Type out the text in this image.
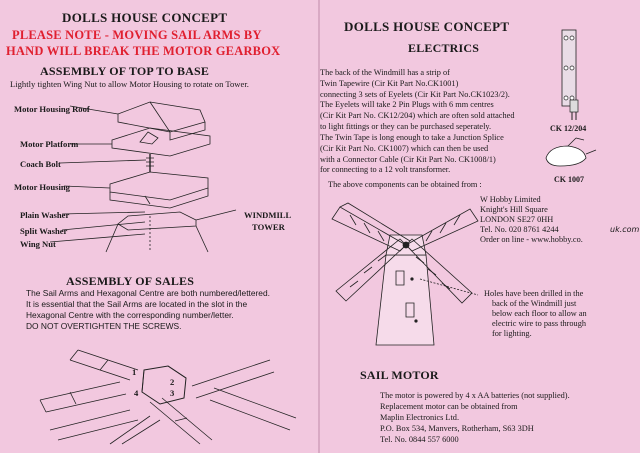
DOLLS HOUSE CONCEPT
PLEASE NOTE - MOVING SAIL ARMS BY
HAND WILL BREAK THE MOTOR GEARBOX
ASSEMBLY OF TOP TO BASE
Lightly tighten Wing Nut to allow Motor Housing to rotate on Tower.
Motor Housing Roof
Motor Platform
Coach Bolt
Motor Housing
Plain Washer
Split Washer
Wing Nut
WINDMILL
TOWER
ASSEMBLY OF SALES
The Sail Arms and Hexagonal Centre are both numbered/lettered.
It is essential that the Sail Arms are located in the slot in the
Hexagonal Centre with the corresponding number/letter.
DO NOT OVERTIGHTEN THE SCREWS.
1
2
3
4
DOLLS HOUSE CONCEPT
ELECTRICS
The back of the Windmill has a strip of
Twin Tapewire (Cir Kit Part No.CK1001)
connecting 3 sets of Eyelets (Cir Kit Part No.CK1023/2).
The Eyelets will take 2 Pin Plugs with 6 mm centres
(Cir Kit Part No. CK12/204) which are often sold attached
to light fittings or they can be purchased seperately.
The Twin Tape is long enough to take a Junction Splice
(Cir Kit Part No. CK1007) which can then be used
with a Connector Cable (Cir Kit Part No. CK1008/1)
for connecting to a 12 volt transformer.
The above components can be obtained from :
CK 12/204
CK 1007
W Hobby Limited
Knight's Hill Square
LONDON SE27 0HH
Tel. No. 020 8761 4244
Order on line - www.hobby.co.
uk.com
Holes have been drilled in the
back of the Windmill just
below each floor to allow an
electric wire to pass through
for lighting.
SAIL MOTOR
The motor is powered by 4 x AA batteries (not supplied).
Replacement motor can be obtained from
Maplin Electronics Ltd.
P.O. Box 534, Manvers, Rotherham, S63 3DH
Tel. No. 0844 557 6000
